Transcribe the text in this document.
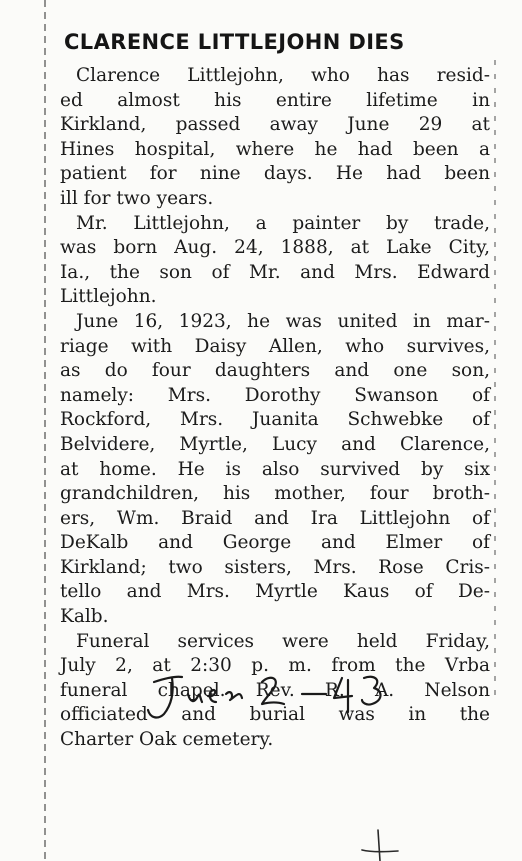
CLARENCE LITTLEJOHN DIES
Clarence Littlejohn, who has resid-
ed almost his entire lifetime in
Kirkland, passed away June 29 at
Hines hospital, where he had been a
patient for nine days. He had been
ill for two years.
Mr. Littlejohn, a painter by trade,
was born Aug. 24, 1888, at Lake City,
Ia., the son of Mr. and Mrs. Edward
Littlejohn.
June 16, 1923, he was united in mar-
riage with Daisy Allen, who survives,
as do four daughters and one son,
namely: Mrs. Dorothy Swanson of
Rockford, Mrs. Juanita Schwebke of
Belvidere, Myrtle, Lucy and Clarence,
at home. He is also survived by six
grandchildren, his mother, four broth-
ers, Wm. Braid and Ira Littlejohn of
DeKalb and George and Elmer of
Kirkland; two sisters, Mrs. Rose Cris-
tello and Mrs. Myrtle Kaus of De-
Kalb.
Funeral services were held Friday,
July 2, at 2:30 p. m. from the Vrba
funeral chapel. Rev. R. A. Nelson
officiated and burial was in the
Charter Oak cemetery.
